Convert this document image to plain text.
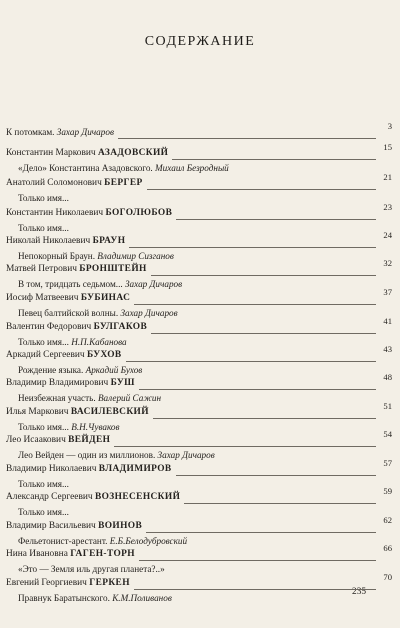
СОДЕРЖАНИЕ
К потомкам. Захар Дичаров
3
Константин Маркович АЗАДОВСКИЙ
15
«Дело» Константина Азадовского. Михаил Безродный
Анатолий Соломонович БЕРГЕР
21
Только имя...
Константин Николаевич БОГОЛЮБОВ
23
Только имя...
Николай Николаевич БРАУН
24
Непокорный Браун. Владимир Сизганов
Матвей Петрович БРОНШТЕЙН
32
В том, тридцать седьмом... Захар Дичаров
Иосиф Матвеевич БУБИНАС
37
Певец балтийской волны. Захар Дичаров
Валентин Федорович БУЛГАКОВ
41
Только имя... Н.П.Кабанова
Аркадий Сергеевич БУХОВ
43
Рождение языка. Аркадий Бухов
Владимир Владимирович БУШ
48
Неизбежная участь. Валерий Сажин
Илья Маркович ВАСИЛЕВСКИЙ
51
Только имя... В.Н.Чуваков
Лео Исаакович ВЕЙДЕН
54
Лео Вейден — один из миллионов. Захар Дичаров
Владимир Николаевич ВЛАДИМИРОВ
57
Только имя...
Александр Сергеевич ВОЗНЕСЕНСКИЙ
59
Только имя...
Владимир Васильевич ВОИНОВ
62
Фельетонист-арестант. Е.Б.Белодубровский
Нина Ивановна ГАГЕН-ТОРН
66
«Это — Земля иль другая планета?..»
Евгений Георгиевич ГЕРКЕН
70
Правнук Баратынского. К.М.Поливанов
235
